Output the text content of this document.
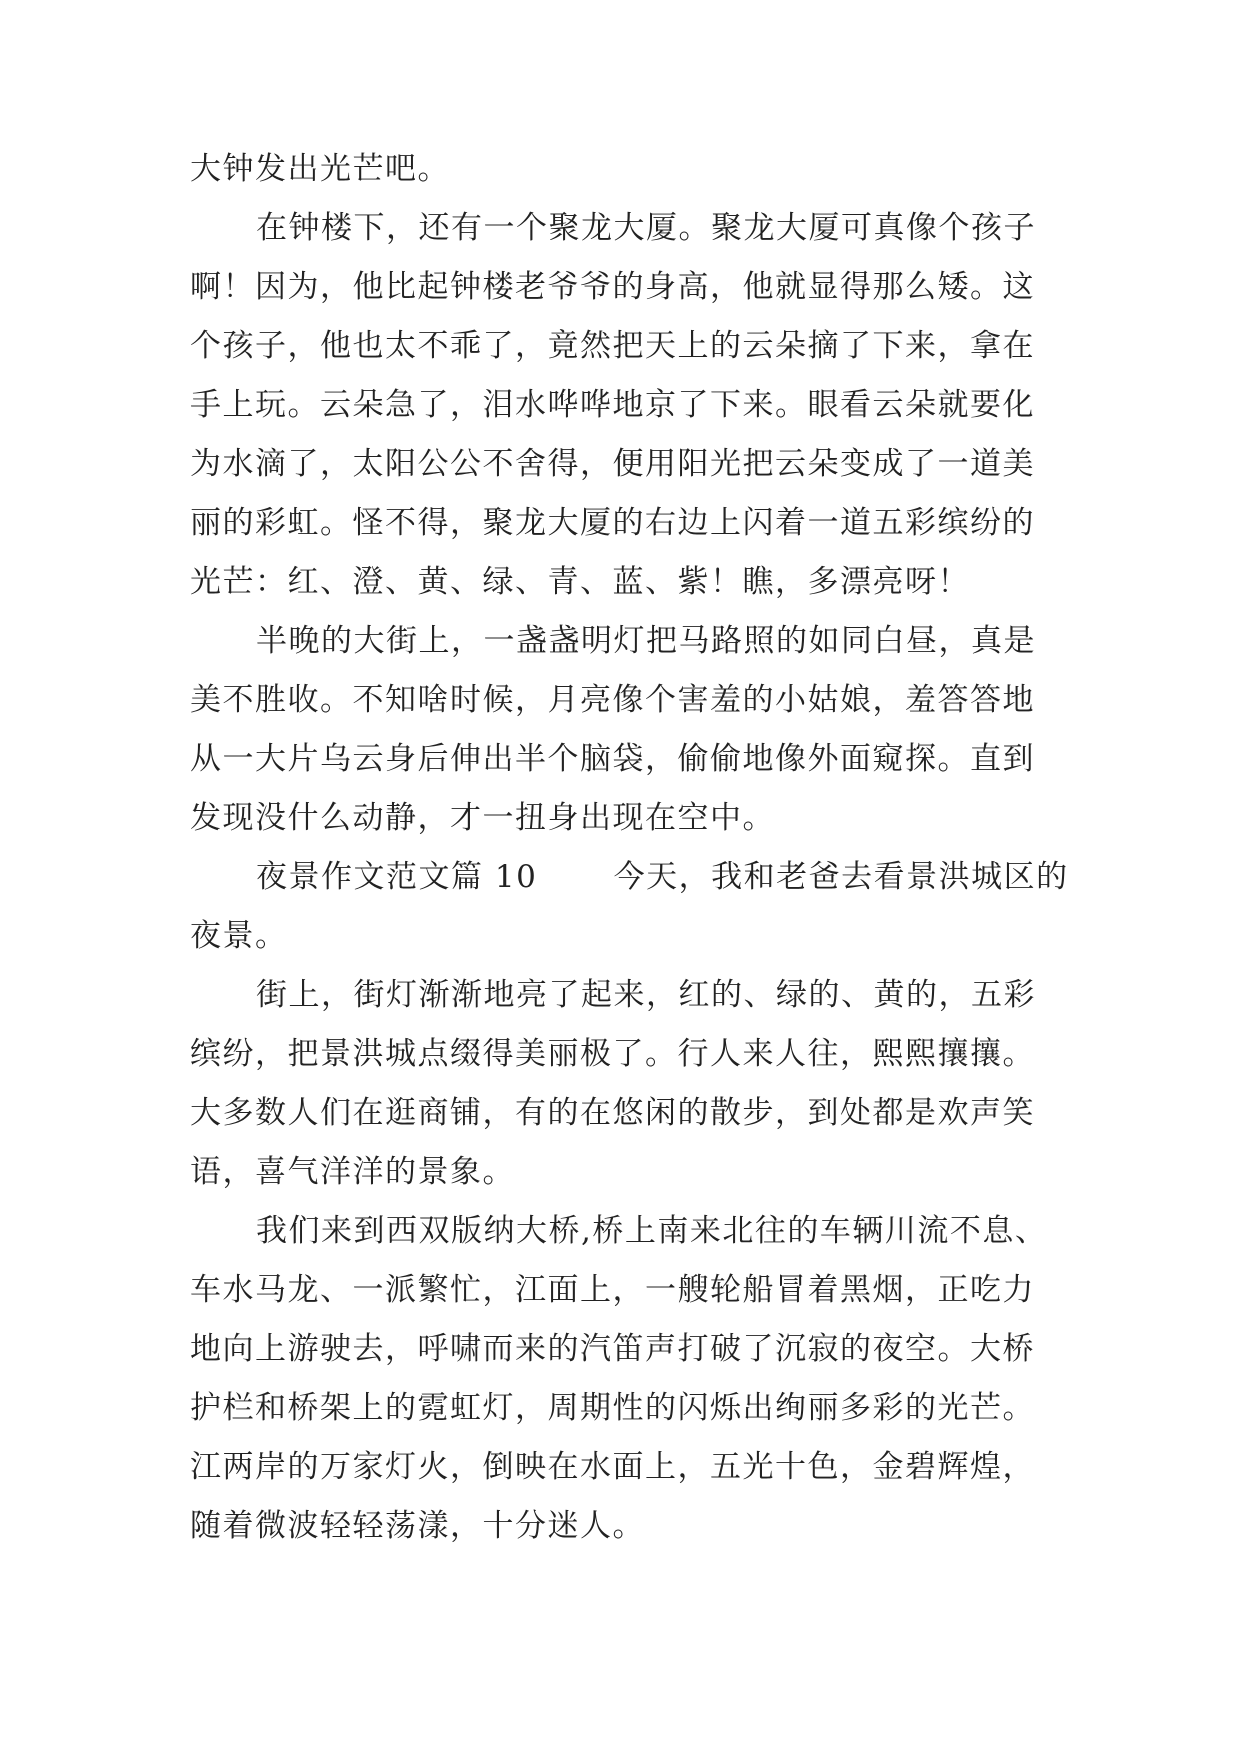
大钟发出光芒吧。
在钟楼下，还有一个聚龙大厦。聚龙大厦可真像个孩子
啊！因为，他比起钟楼老爷爷的身高，他就显得那么矮。这
个孩子，他也太不乖了，竟然把天上的云朵摘了下来，拿在
手上玩。云朵急了，泪水哗哗地京了下来。眼看云朵就要化
为水滴了，太阳公公不舍得，便用阳光把云朵变成了一道美
丽的彩虹。怪不得，聚龙大厦的右边上闪着一道五彩缤纷的
光芒：红、澄、黄、绿、青、蓝、紫！瞧，多漂亮呀！
半晚的大街上，一盏盏明灯把马路照的如同白昼，真是
美不胜收。不知啥时候，月亮像个害羞的小姑娘，羞答答地
从一大片乌云身后伸出半个脑袋，偷偷地像外面窥探。直到
发现没什么动静，才一扭身出现在空中。
夜景作文范文篇 10 　　今天，我和老爸去看景洪城区的
夜景。
街上，街灯渐渐地亮了起来，红的、绿的、黄的，五彩
缤纷，把景洪城点缀得美丽极了。行人来人往，熙熙攘攘。
大多数人们在逛商铺，有的在悠闲的散步，到处都是欢声笑
语，喜气洋洋的景象。
我们来到西双版纳大桥,桥上南来北往的车辆川流不息、
车水马龙、一派繁忙，江面上，一艘轮船冒着黑烟，正吃力
地向上游驶去，呼啸而来的汽笛声打破了沉寂的夜空。大桥
护栏和桥架上的霓虹灯，周期性的闪烁出绚丽多彩的光芒。
江两岸的万家灯火，倒映在水面上，五光十色，金碧辉煌，
随着微波轻轻荡漾，十分迷人。
